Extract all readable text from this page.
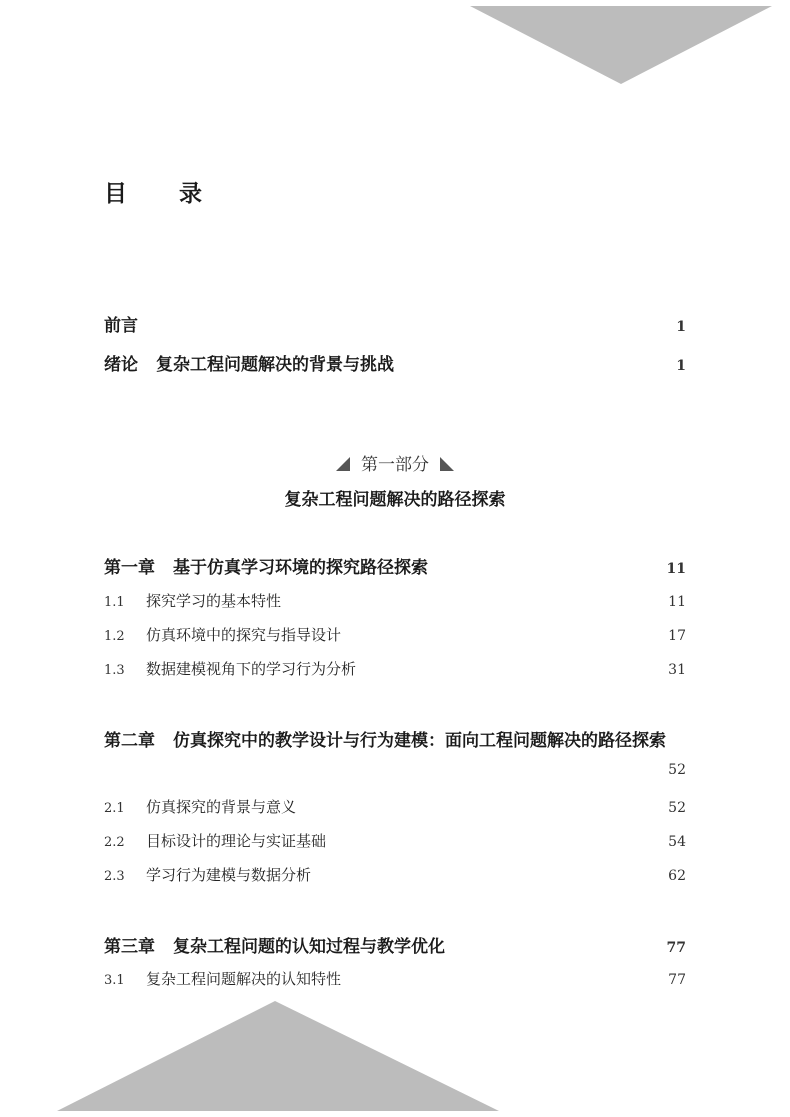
目 录
前言	1
绪论 复杂工程问题解决的背景与挑战	1
第一部分
复杂工程问题解决的路径探索
第一章 基于仿真学习环境的探究路径探索	11
1.1 探究学习的基本特性	11
1.2 仿真环境中的探究与指导设计	17
1.3 数据建模视角下的学习行为分析	31
第二章 仿真探究中的教学设计与行为建模：面向工程问题解决的路径探索
52
2.1 仿真探究的背景与意义	52
2.2 目标设计的理论与实证基础	54
2.3 学习行为建模与数据分析	62
第三章 复杂工程问题的认知过程与教学优化	77
3.1 复杂工程问题解决的认知特性	77
